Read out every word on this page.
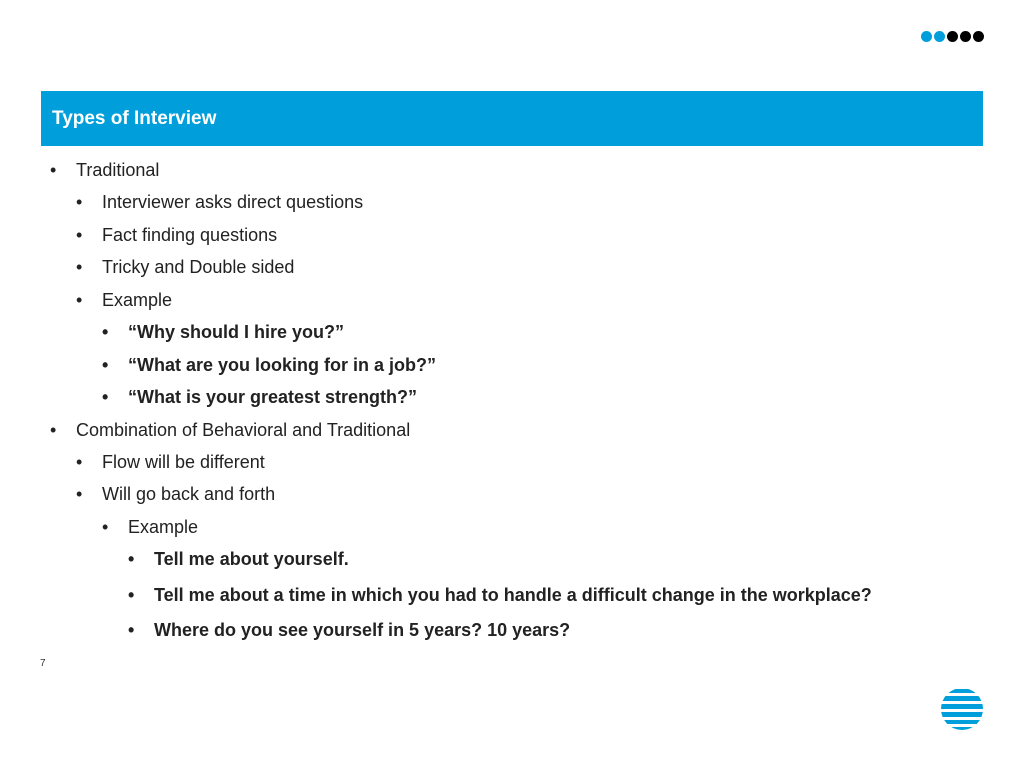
Types of Interview
•	Traditional
•	Interviewer asks direct questions
•	Fact finding questions
•	Tricky and Double sided
•	Example
•	“Why should I hire you?”
•	“What are you looking for in a job?”
•	“What is your greatest strength?”
•	Combination of Behavioral and Traditional
•	Flow will be different
•	Will go back and forth
•	Example
•	Tell me about yourself.
•	Tell me about a time in which you had to handle a difficult change in the workplace?
•	Where do you see yourself in 5 years? 10 years?
7
